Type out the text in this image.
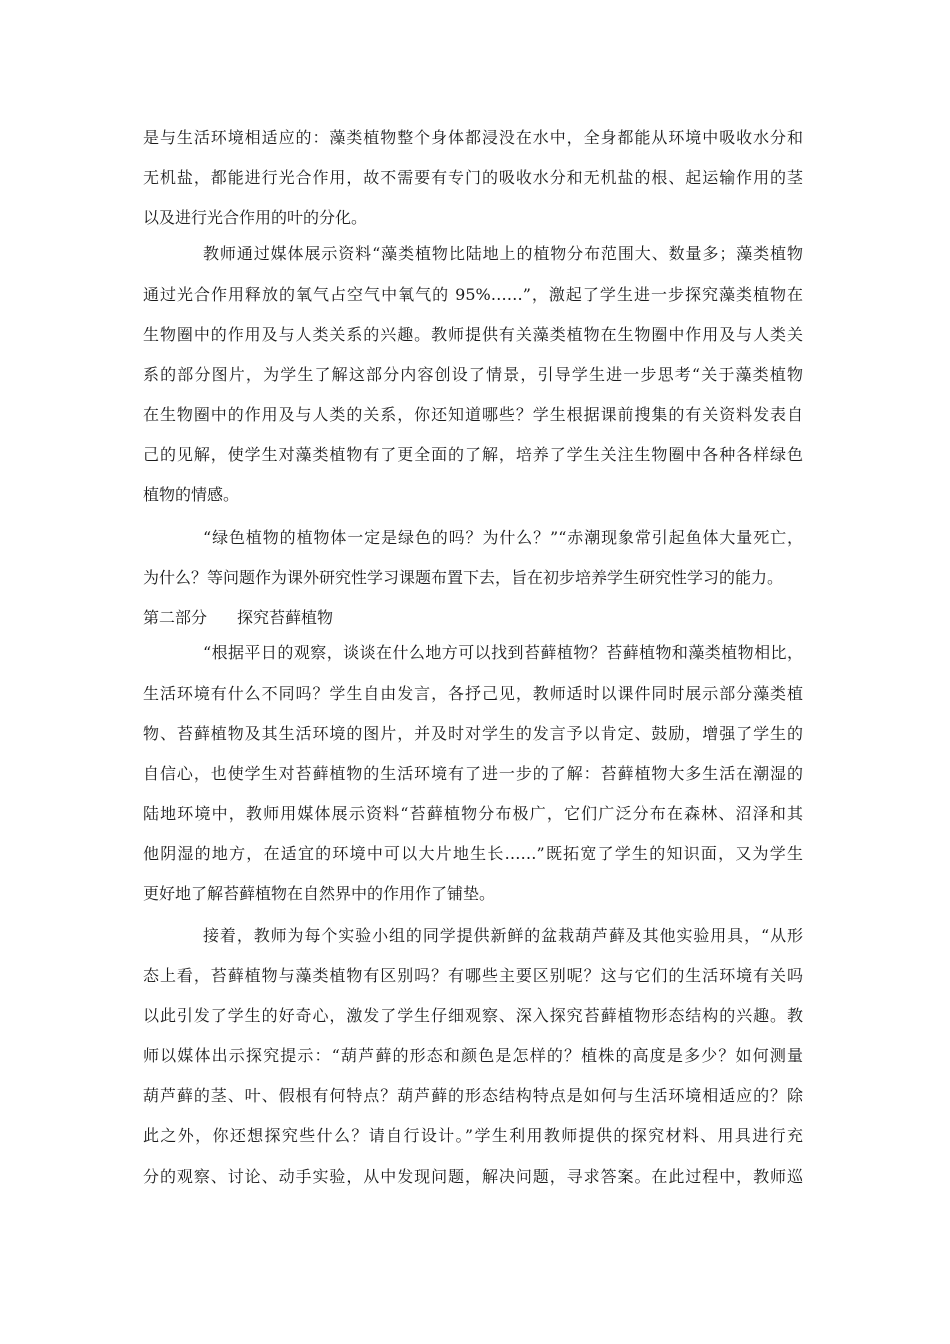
是与生活环境相适应的：藻类植物整个身体都浸没在水中，全身都能从环境中吸收水分和
无机盐，都能进行光合作用，故不需要有专门的吸收水分和无机盐的根、起运输作用的茎
以及进行光合作用的叶的分化。
教师通过媒体展示资料“藻类植物比陆地上的植物分布范围大、数量多；藻类植物
通过光合作用释放的氧气占空气中氧气的 95%……”，激起了学生进一步探究藻类植物在
生物圈中的作用及与人类关系的兴趣。教师提供有关藻类植物在生物圈中作用及与人类关
系的部分图片，为学生了解这部分内容创设了情景，引导学生进一步思考“关于藻类植物
在生物圈中的作用及与人类的关系，你还知道哪些？学生根据课前搜集的有关资料发表自
己的见解，使学生对藻类植物有了更全面的了解，培养了学生关注生物圈中各种各样绿色
植物的情感。
“绿色植物的植物体一定是绿色的吗？为什么？”“赤潮现象常引起鱼体大量死亡，
为什么？等问题作为课外研究性学习课题布置下去，旨在初步培养学生研究性学习的能力。
第二部分 探究苔藓植物
“根据平日的观察，谈谈在什么地方可以找到苔藓植物？苔藓植物和藻类植物相比，
生活环境有什么不同吗？学生自由发言，各抒己见，教师适时以课件同时展示部分藻类植
物、苔藓植物及其生活环境的图片，并及时对学生的发言予以肯定、鼓励，增强了学生的
自信心，也使学生对苔藓植物的生活环境有了进一步的了解：苔藓植物大多生活在潮湿的
陆地环境中，教师用媒体展示资料“苔藓植物分布极广，它们广泛分布在森林、沼泽和其
他阴湿的地方，在适宜的环境中可以大片地生长……”既拓宽了学生的知识面，又为学生
更好地了解苔藓植物在自然界中的作用作了铺垫。
接着，教师为每个实验小组的同学提供新鲜的盆栽葫芦藓及其他实验用具，“从形
态上看，苔藓植物与藻类植物有区别吗？有哪些主要区别呢？这与它们的生活环境有关吗
以此引发了学生的好奇心，激发了学生仔细观察、深入探究苔藓植物形态结构的兴趣。教
师以媒体出示探究提示：“葫芦藓的形态和颜色是怎样的？植株的高度是多少？如何测量
葫芦藓的茎、叶、假根有何特点？葫芦藓的形态结构特点是如何与生活环境相适应的？除
此之外，你还想探究些什么？请自行设计。”学生利用教师提供的探究材料、用具进行充
分的观察、讨论、动手实验，从中发现问题，解决问题，寻求答案。在此过程中，教师巡
